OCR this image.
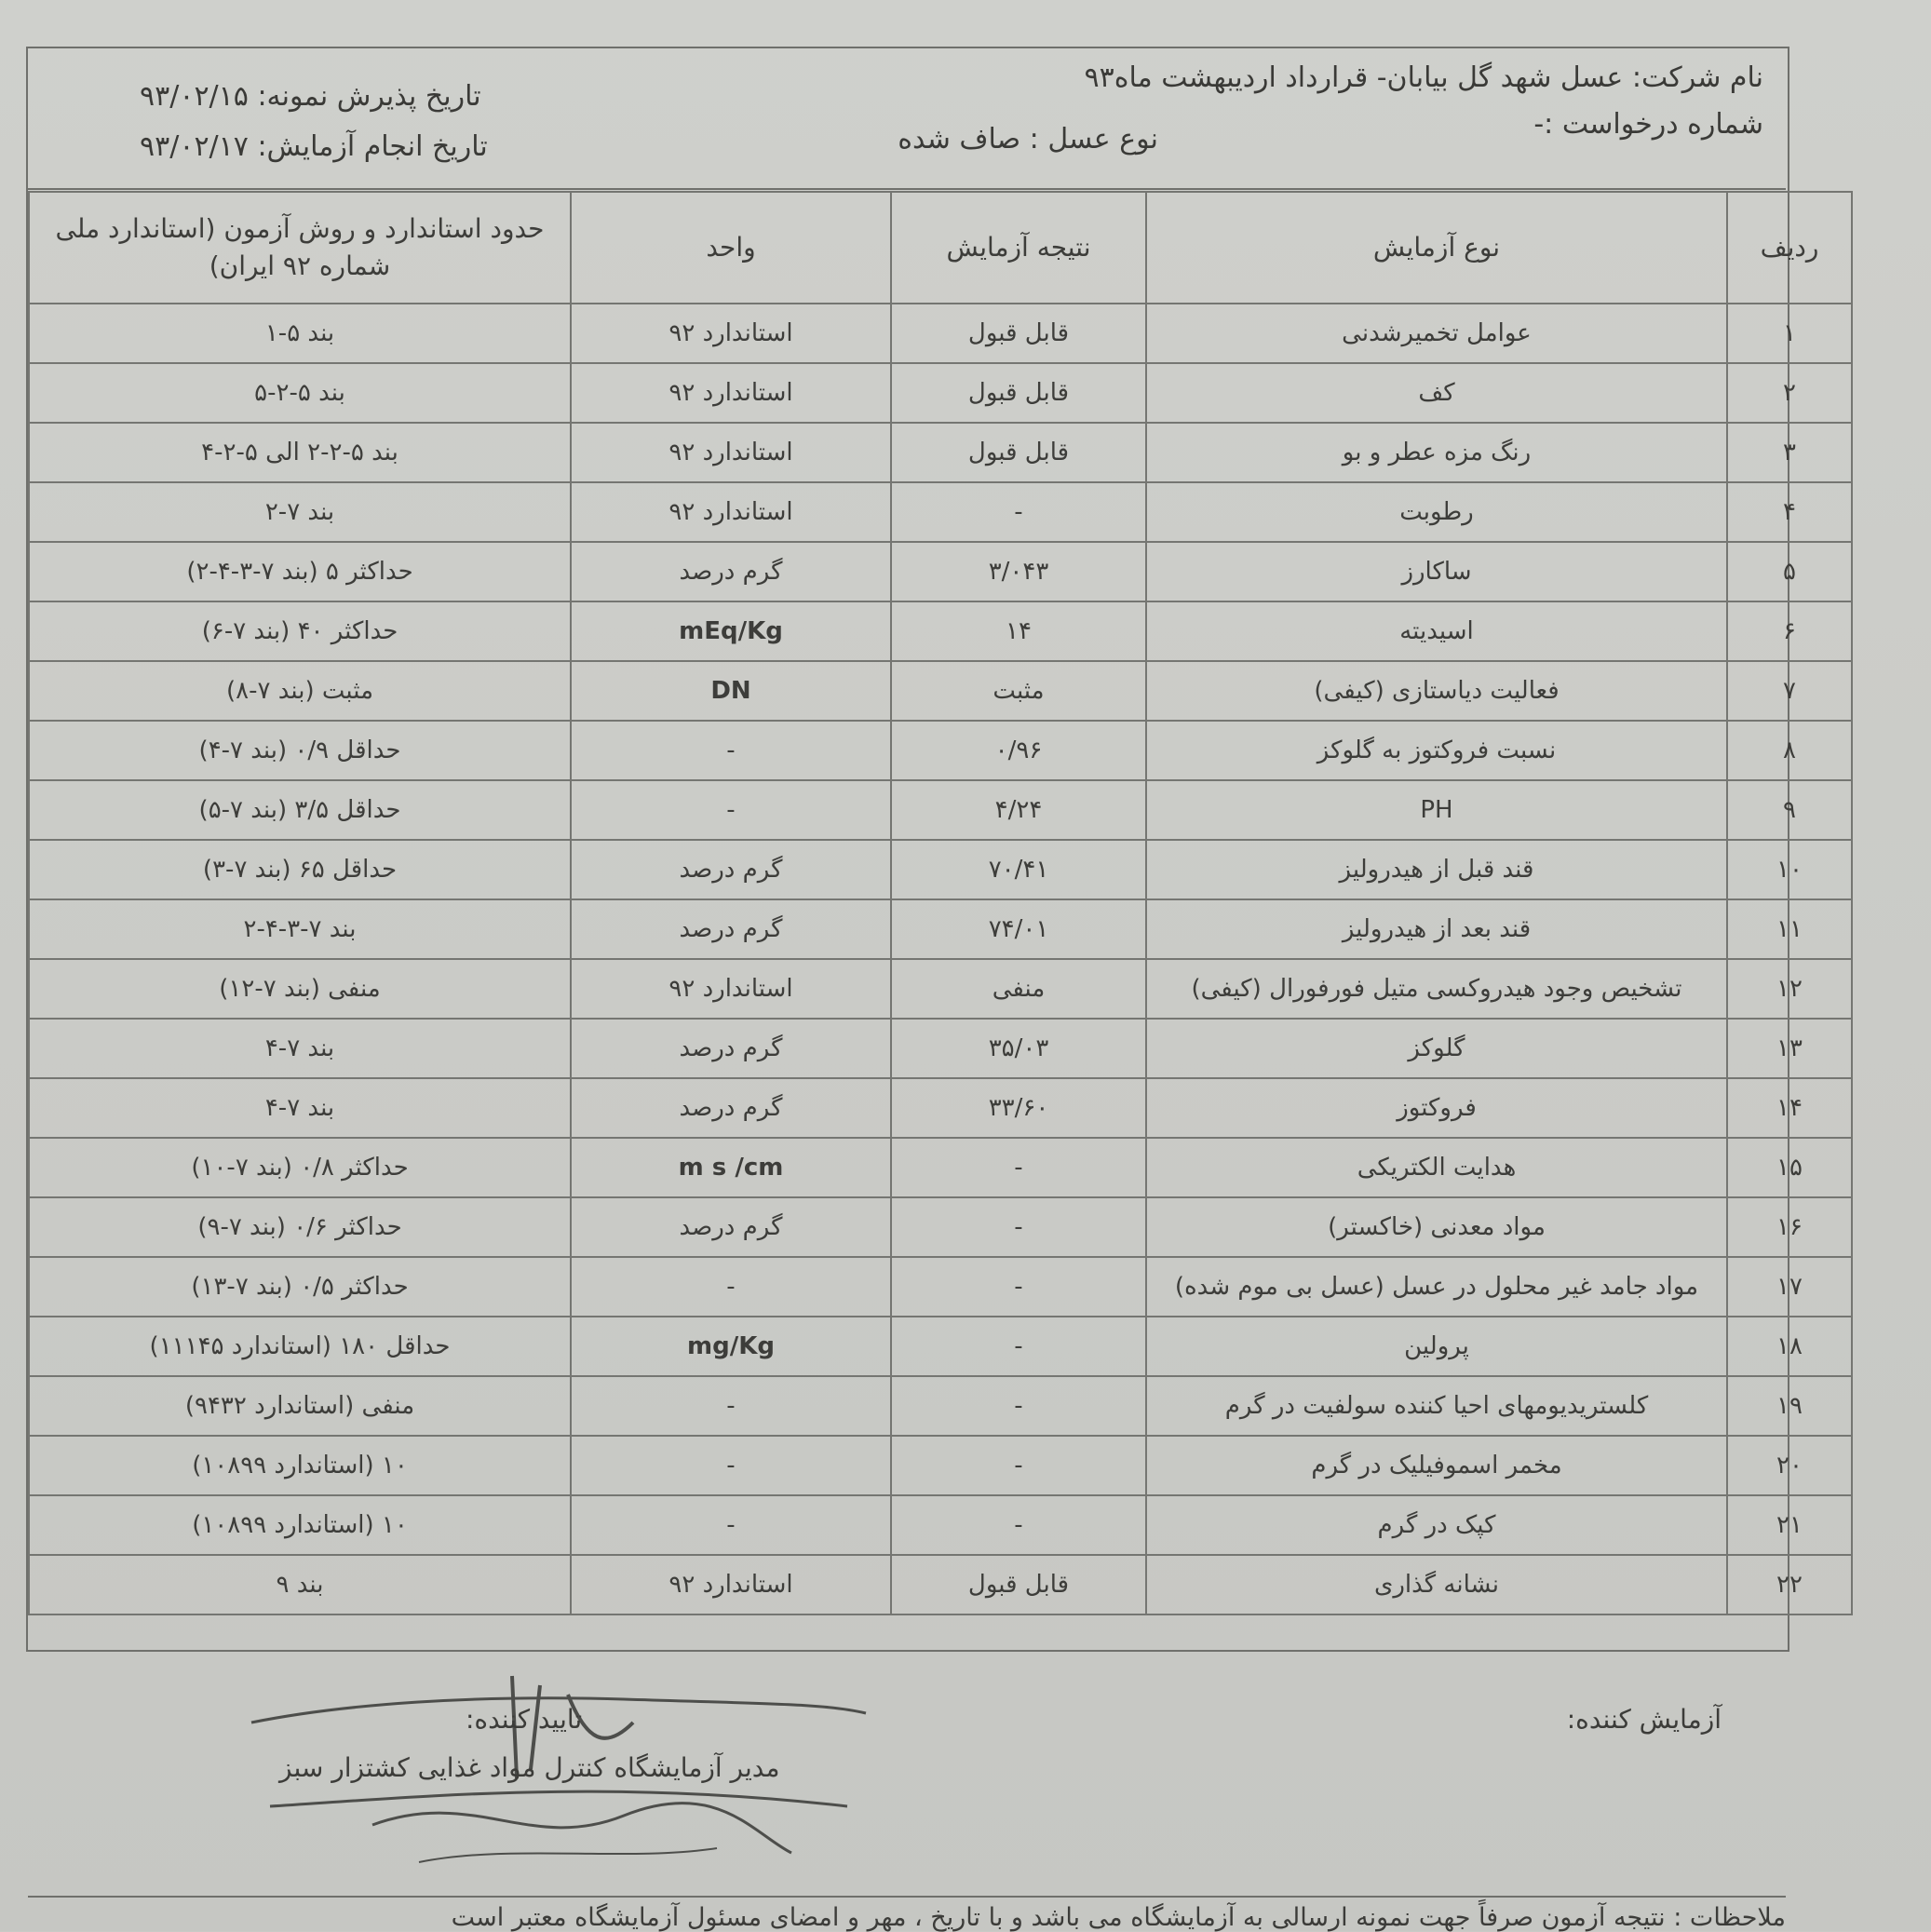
نام شرکت: عسل شهد گل بیابان- قرارداد اردیبهشت ماه۹۳
شماره درخواست :-
نوع عسل : صاف شده
تاریخ پذیرش نمونه: ۹۳/۰۲/۱۵
تاریخ انجام آزمایش: ۹۳/۰۲/۱۷
ردیف	نوع آزمایش	نتیجه آزمایش	واحد	حدود استاندارد و روش آزمون (استاندارد ملی شماره ۹۲ ایران)
۱	عوامل تخمیرشدنی	قابل قبول	استاندارد ۹۲	بند ۵-۱
۲	کف	قابل قبول	استاندارد ۹۲	بند ۵-۲-۵
۳	رنگ مزه عطر و بو	قابل قبول	استاندارد ۹۲	بند ۵-۲-۲ الی ۵-۲-۴
۴	رطوبت	-	استاندارد ۹۲	بند ۷-۲
۵	ساکارز	۳/۰۴۳	گرم درصد	حداکثر ۵ (بند ۷-۳-۴-۲)
۶	اسیدیته	۱۴	mEq/Kg	حداکثر ۴۰ (بند ۷-۶)
۷	فعالیت دیاستازی (کیفی)	مثبت	DN	مثبت (بند ۷-۸)
۸	نسبت فروکتوز به گلوکز	۰/۹۶	-	حداقل ۰/۹ (بند ۷-۴)
۹	PH	۴/۲۴	-	حداقل ۳/۵ (بند ۷-۵)
۱۰	قند قبل از هیدرولیز	۷۰/۴۱	گرم درصد	حداقل ۶۵ (بند ۷-۳)
۱۱	قند بعد از هیدرولیز	۷۴/۰۱	گرم درصد	بند ۷-۳-۴-۲
۱۲	تشخیص وجود هیدروکسی متیل فورفورال (کیفی)	منفی	استاندارد ۹۲	منفی (بند ۷-۱۲)
۱۳	گلوکز	۳۵/۰۳	گرم درصد	بند ۷-۴
۱۴	فروکتوز	۳۳/۶۰	گرم درصد	بند ۷-۴
۱۵	هدایت الکتریکی	-	m s /cm	حداکثر ۰/۸ (بند ۷-۱۰)
۱۶	مواد معدنی (خاکستر)	-	گرم درصد	حداکثر ۰/۶ (بند ۷-۹)
۱۷	مواد جامد غیر محلول در عسل (عسل بی موم شده)	-	-	حداکثر ۰/۵ (بند ۷-۱۳)
۱۸	پرولین	-	mg/Kg	حداقل ۱۸۰ (استاندارد ۱۱۱۴۵)
۱۹	کلستریدیومهای احیا کننده سولفیت در گرم	-	-	منفی (استاندارد ۹۴۳۲)
۲۰	مخمر اسموفیلیک در گرم	-	-	۱۰ (استاندارد ۱۰۸۹۹)
۲۱	کپک در گرم	-	-	۱۰ (استاندارد ۱۰۸۹۹)
۲۲	نشانه گذاری	قابل قبول	استاندارد ۹۲	بند ۹
آزمایش کننده:
تایید کننده:
مدیر آزمایشگاه کنترل مواد غذایی کشتزار سبز
ملاحظات : نتیجه آزمون صرفاً جهت نمونه ارسالی به آزمایشگاه می باشد و با تاریخ ، مهر و امضای مسئول آزمایشگاه معتبر است
